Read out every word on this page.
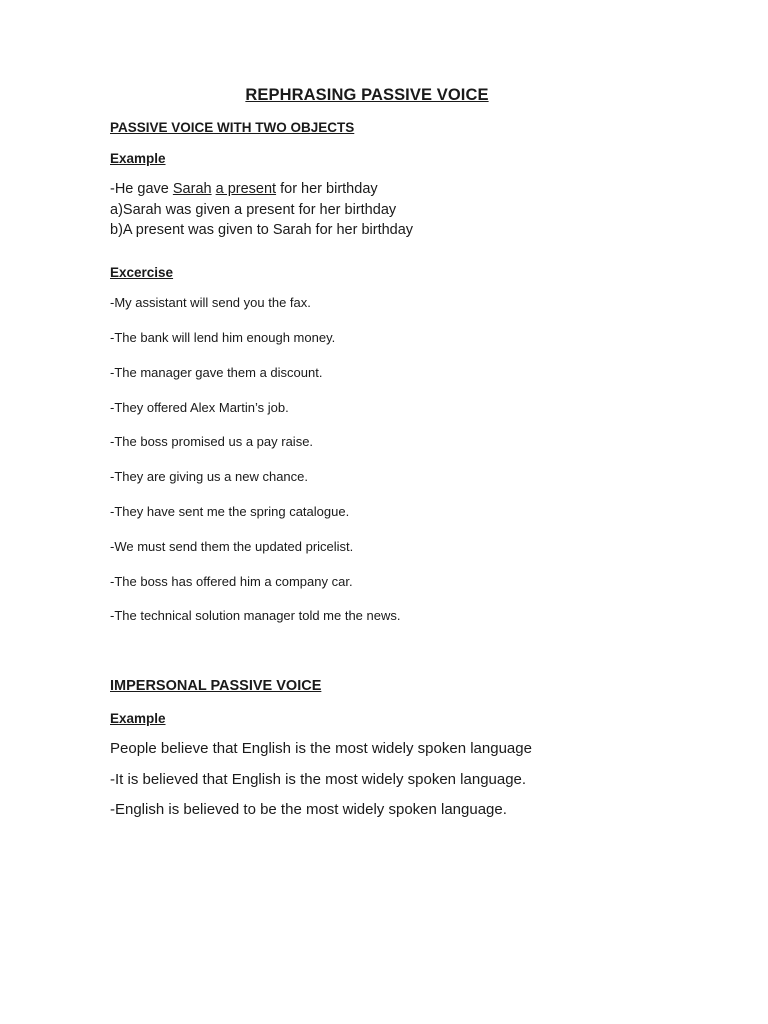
REPHRASING PASSIVE VOICE
PASSIVE VOICE WITH TWO OBJECTS
Example
-He gave Sarah a present for her birthday
a)Sarah was given a present for her birthday
b)A present was given to Sarah for her birthday
Excercise
-My assistant will send you the fax.
-The bank will lend him enough money.
-The manager gave them a discount.
-They offered Alex Martin’s job.
-The boss promised us a pay raise.
-They are giving us a new chance.
-They have sent me the spring catalogue.
-We must send them the updated pricelist.
-The boss has offered him a company car.
-The technical solution manager told me the news.
IMPERSONAL PASSIVE VOICE
Example
People believe that English is the most widely spoken language
-It is believed that English is the most widely spoken language.
-English is believed to be the most widely spoken language.
